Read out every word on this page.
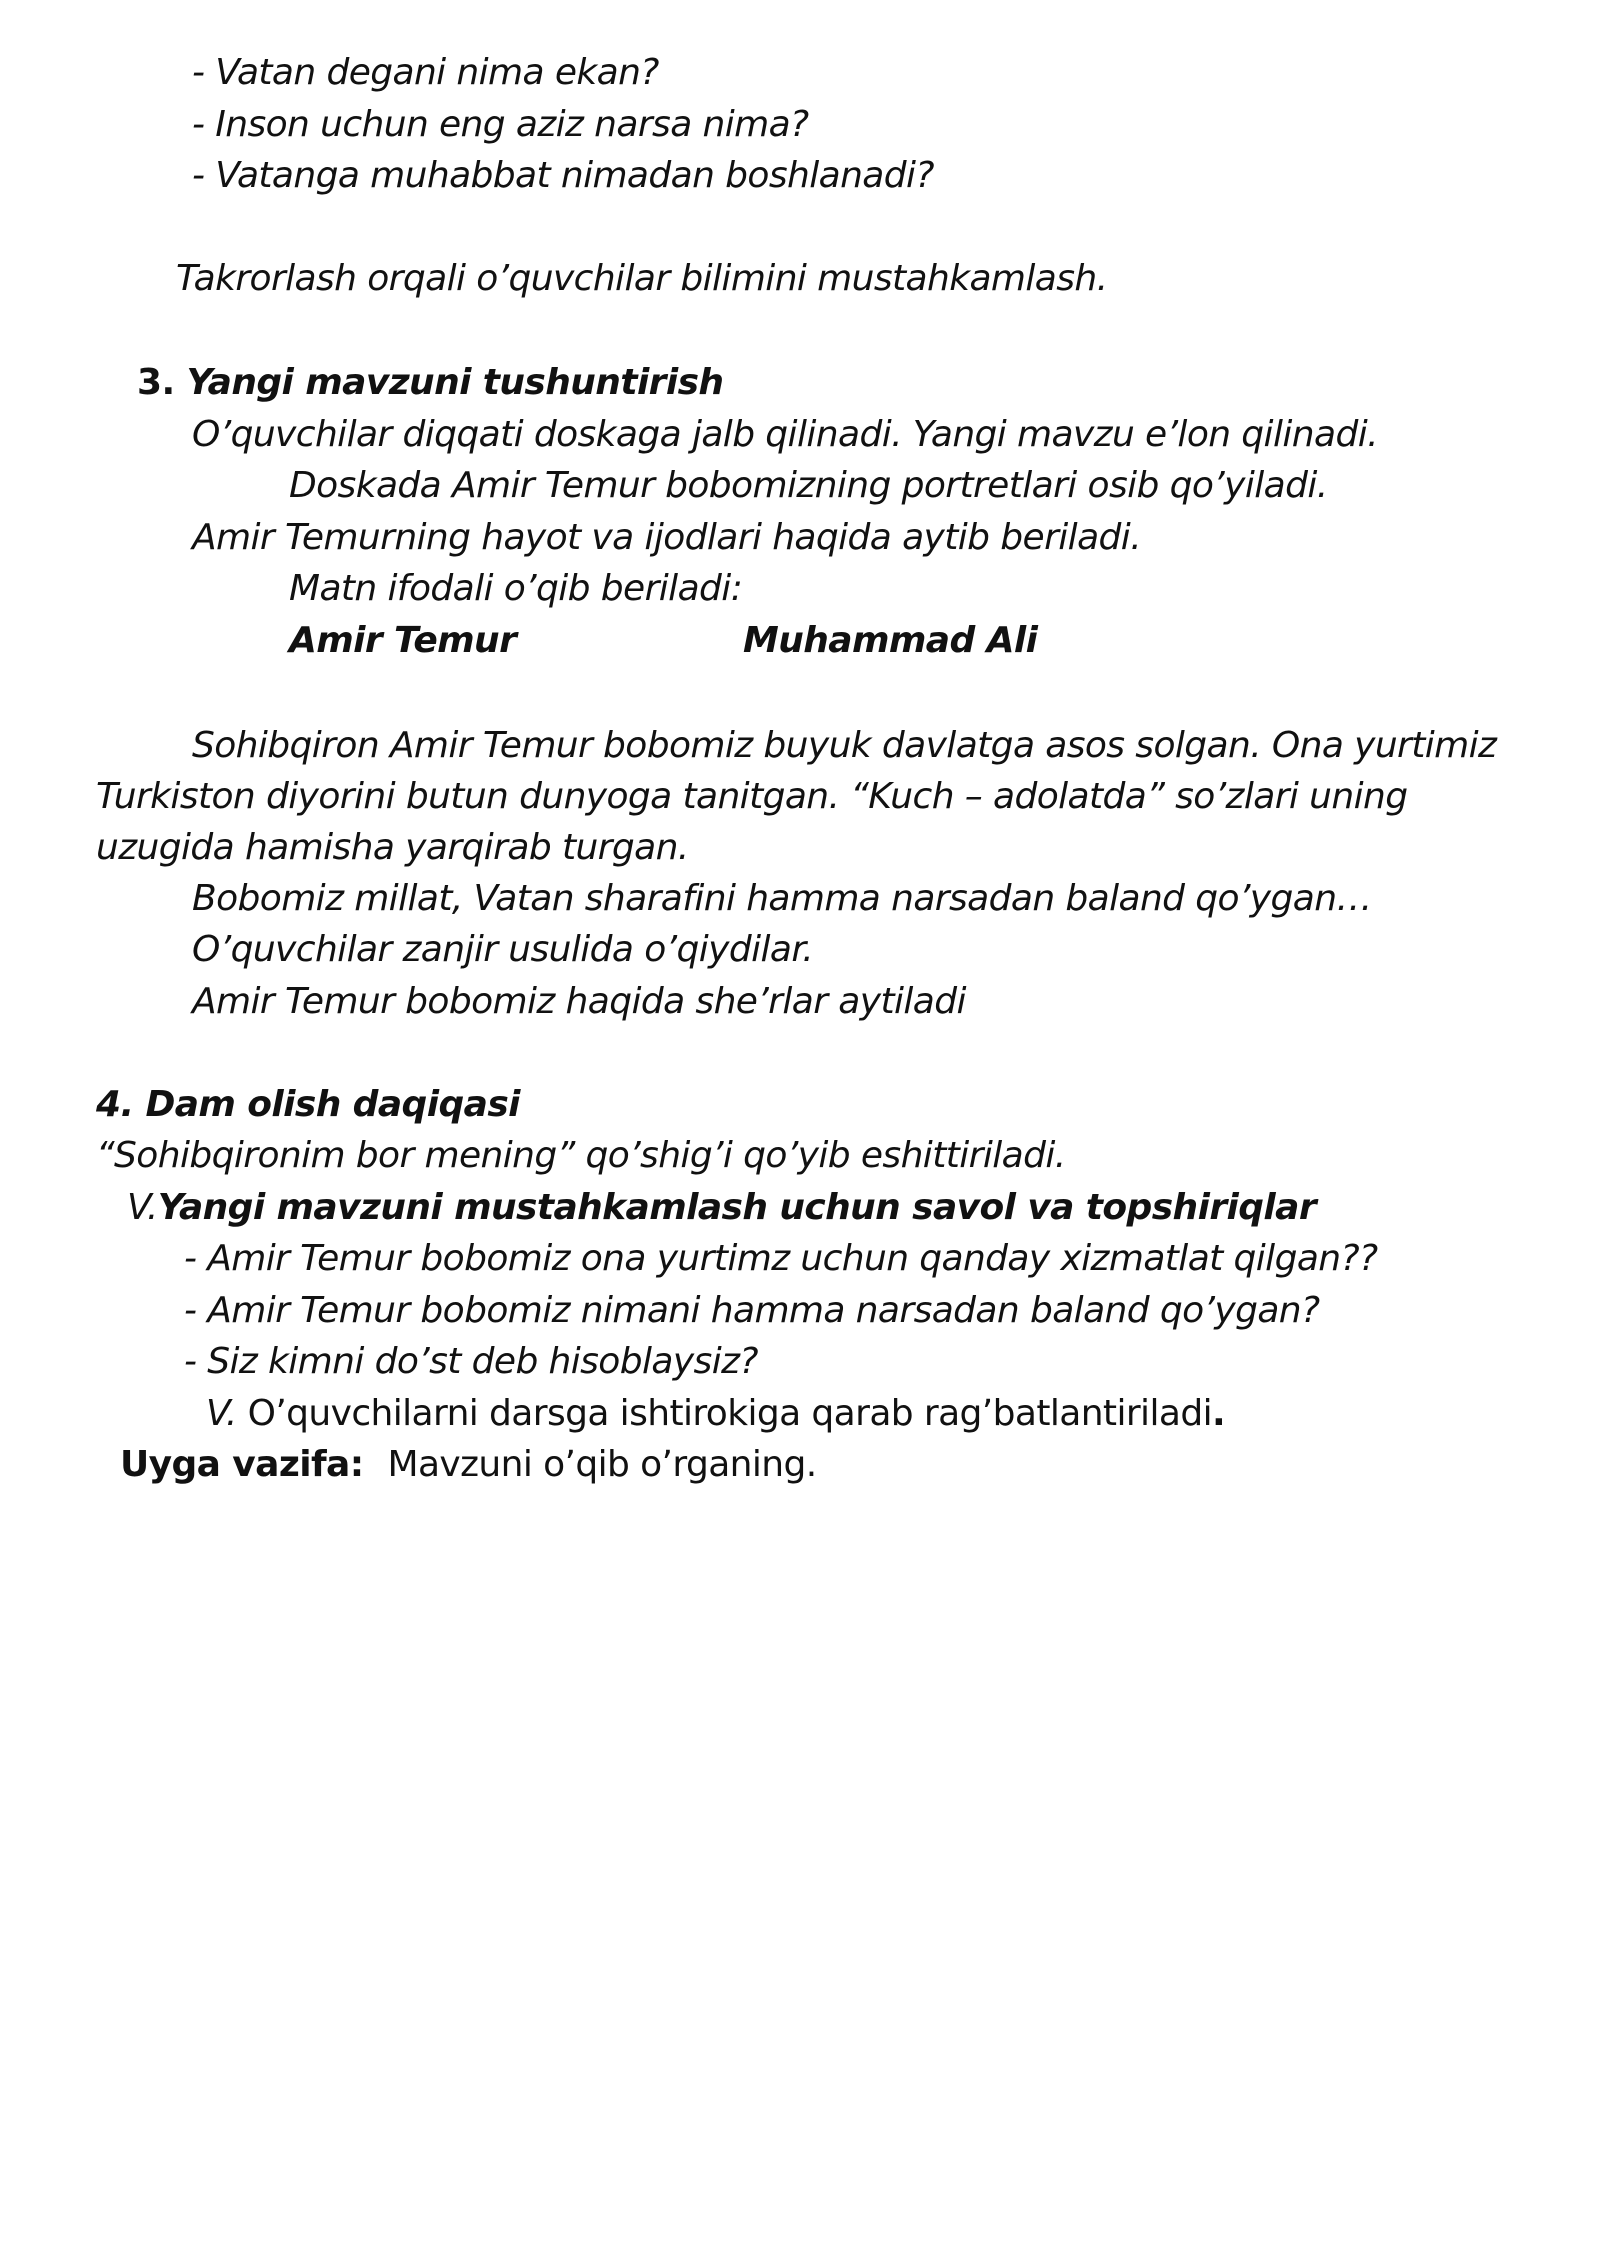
- Vatan degani nima ekan?
- Inson uchun eng aziz narsa nima?
- Vatanga muhabbat nimadan boshlanadi?
Takrorlash orqali o’quvchilar bilimini mustahkamlash.
3. Yangi mavzuni tushuntirish
O’quvchilar diqqati doskaga jalb qilinadi. Yangi mavzu e’lon qilinadi.
Doskada Amir Temur bobomizning portretlari osib qo’yiladi.
Amir Temurning hayot va ijodlari haqida aytib beriladi.
Matn ifodali o’qib beriladi:
Amir Temur	Muhammad Ali

Sohibqiron Amir Temur bobomiz buyuk davlatga asos solgan. Ona yurtimiz Turkiston diyorini butun dunyoga tanitgan. “Kuch – adolatda” so’zlari uning uzugida hamisha yarqirab turgan.

Bobomiz millat, Vatan sharafini hamma narsadan baland qo’ygan…
O’quvchilar zanjir usulida o’qiydilar.
Amir Temur bobomiz haqida she’rlar aytiladi
4. Dam olish daqiqasi
“Sohibqironim bor mening” qo’shig’i qo’yib eshittiriladi.
V.Yangi mavzuni mustahkamlash uchun savol va topshiriqlar
- Amir Temur bobomiz ona yurtimz uchun qanday xizmatlat qilgan??
- Amir Temur bobomiz nimani hamma narsadan baland qo’ygan?
- Siz kimni do’st deb hisoblaysiz?
V. O’quvchilarni darsga ishtirokiga qarab rag’batlantiriladi.
Uyga vazifa: Mavzuni o’qib o’rganing.
